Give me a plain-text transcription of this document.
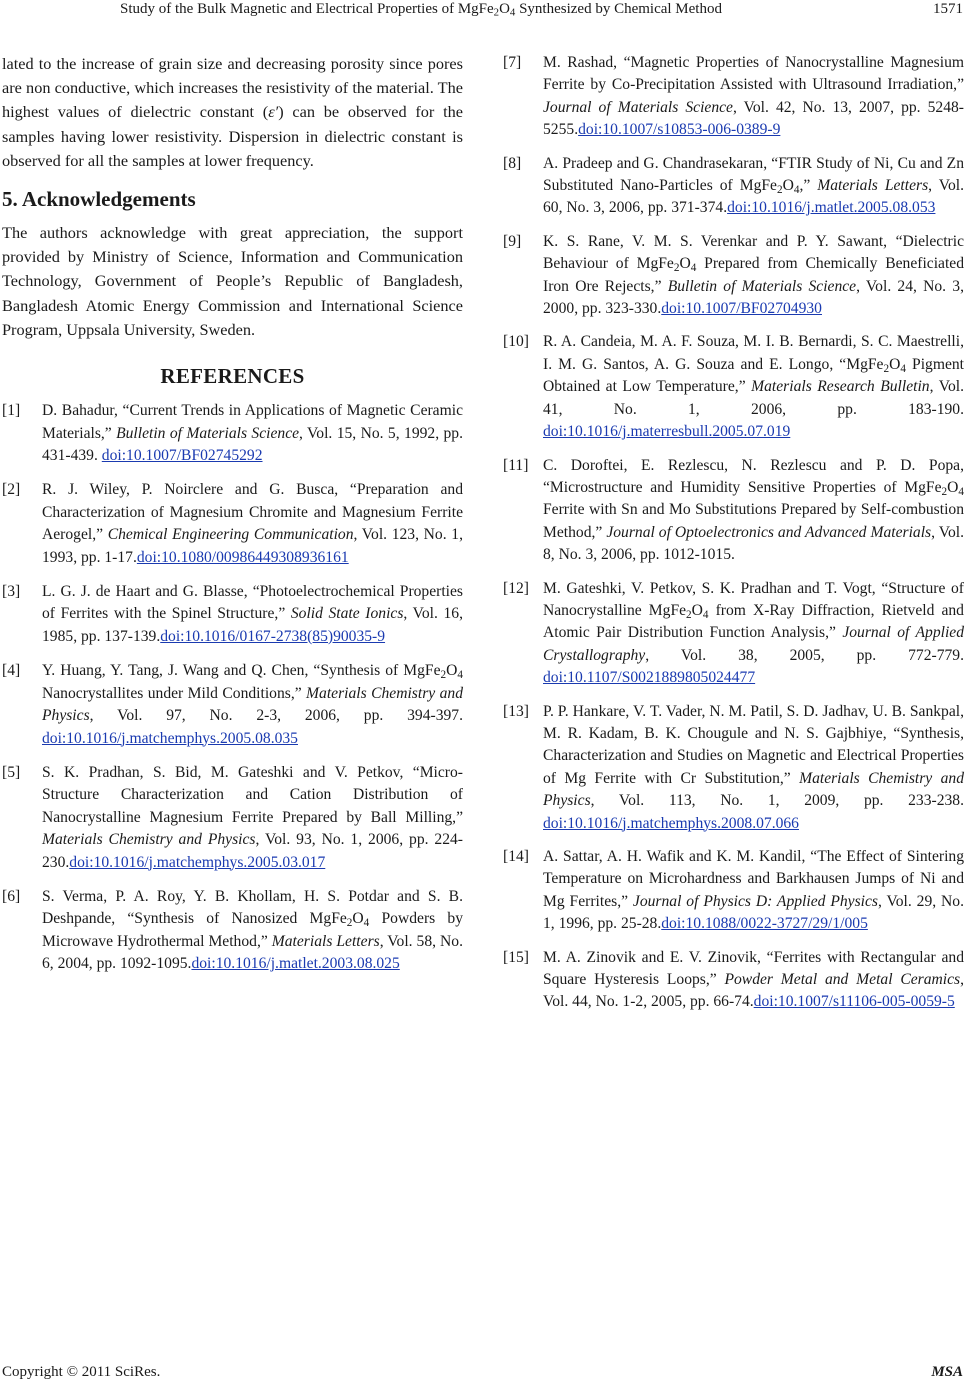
Study of the Bulk Magnetic and Electrical Properties of $MgFe_2O_4$ Synthesized by Chemical Method	1571

lated to the increase of grain size and decreasing porosity since pores are non conductive, which increases the resistivity of the material. The highest values of dielectric constant (ε′) can be observed for the samples having lower resistivity. Dispersion in dielectric constant is observed for all the samples at lower frequency.

5. Acknowledgements

The authors acknowledge with great appreciation, the support provided by Ministry of Science, Information and Communication Technology, Government of People’s Republic of Bangladesh, Bangladesh Atomic Energy Commission and International Science Program, Uppsala University, Sweden.

REFERENCES
[1] D. Bahadur, “Current Trends in Applications of Magnetic Ceramic Materials,” Bulletin of Materials Science, Vol. 15, No. 5, 1992, pp. 431-439. doi:10.1007/BF02745292
[2] R. J. Wiley, P. Noirclere and G. Busca, “Preparation and Characterization of Magnesium Chromite and Magnesium Ferrite Aerogel,” Chemical Engineering Communication, Vol. 123, No. 1, 1993, pp. 1-17.doi:10.1080/00986449308936161
[3] L. G. J. de Haart and G. Blasse, “Photoelectrochemical Properties of Ferrites with the Spinel Structure,” Solid State Ionics, Vol. 16, 1985, pp. 137-139.doi:10.1016/0167-2738(85)90035-9
[4] Y. Huang, Y. Tang, J. Wang and Q. Chen, “Synthesis of $MgFe_2O_4$ Nanocrystallites under Mild Conditions,” Materials Chemistry and Physics, Vol. 97, No. 2-3, 2006, pp. 394-397. doi:10.1016/j.matchemphys.2005.08.035
[5] S. K. Pradhan, S. Bid, M. Gateshki and V. Petkov, “Micro-Structure Characterization and Cation Distribution of Nanocrystalline Magnesium Ferrite Prepared by Ball Milling,” Materials Chemistry and Physics, Vol. 93, No. 1, 2006, pp. 224-230.doi:10.1016/j.matchemphys.2005.03.017
[6] S. Verma, P. A. Roy, Y. B. Khollam, H. S. Potdar and S. B. Deshpande, “Synthesis of Nanosized $MgFe_2O_4$ Powders by Microwave Hydrothermal Method,” Materials Letters, Vol. 58, No. 6, 2004, pp. 1092-1095.doi:10.1016/j.matlet.2003.08.025
[7] M. Rashad, “Magnetic Properties of Nanocrystalline Magnesium Ferrite by Co-Precipitation Assisted with Ultrasound Irradiation,” Journal of Materials Science, Vol. 42, No. 13, 2007, pp. 5248-5255.doi:10.1007/s10853-006-0389-9
[8] A. Pradeep and G. Chandrasekaran, “FTIR Study of Ni, Cu and Zn Substituted Nano-Particles of $MgFe_2O_4$,” Materials Letters, Vol. 60, No. 3, 2006, pp. 371-374.doi:10.1016/j.matlet.2005.08.053
[9] K. S. Rane, V. M. S. Verenkar and P. Y. Sawant, “Dielectric Behaviour of $MgFe_2O_4$ Prepared from Chemically Beneficiated Iron Ore Rejects,” Bulletin of Materials Science, Vol. 24, No. 3, 2000, pp. 323-330.doi:10.1007/BF02704930
[10] R. A. Candeia, M. A. F. Souza, M. I. B. Bernardi, S. C. Maestrelli, I. M. G. Santos, A. G. Souza and E. Longo, “$MgFe_2O_4$ Pigment Obtained at Low Temperature,” Materials Research Bulletin, Vol. 41, No. 1, 2006, pp. 183-190. doi:10.1016/j.materresbull.2005.07.019
[11] C. Doroftei, E. Rezlescu, N. Rezlescu and P. D. Popa, “Microstructure and Humidity Sensitive Properties of $MgFe_2O_4$ Ferrite with Sn and Mo Substitutions Prepared by Self-combustion Method,” Journal of Optoelectronics and Advanced Materials, Vol. 8, No. 3, 2006, pp. 1012-1015.
[12] M. Gateshki, V. Petkov, S. K. Pradhan and T. Vogt, “Structure of Nanocrystalline $MgFe_2O_4$ from X-Ray Diffraction, Rietveld and Atomic Pair Distribution Function Analysis,” Journal of Applied Crystallography, Vol. 38, 2005, pp. 772-779. doi:10.1107/S0021889805024477
[13] P. P. Hankare, V. T. Vader, N. M. Patil, S. D. Jadhav, U. B. Sankpal, M. R. Kadam, B. K. Chougule and N. S. Gajbhiye, “Synthesis, Characterization and Studies on Magnetic and Electrical Properties of Mg Ferrite with Cr Substitution,” Materials Chemistry and Physics, Vol. 113, No. 1, 2009, pp. 233-238.doi:10.1016/j.matchemphys.2008.07.066
[14] A. Sattar, A. H. Wafik and K. M. Kandil, “The Effect of Sintering Temperature on Microhardness and Barkhausen Jumps of Ni and Mg Ferrites,” Journal of Physics D: Applied Physics, Vol. 29, No. 1, 1996, pp. 25-28.doi:10.1088/0022-3727/29/1/005
[15] M. A. Zinovik and E. V. Zinovik, “Ferrites with Rectangular and Square Hysteresis Loops,” Powder Metal and Metal Ceramics, Vol. 44, No. 1-2, 2005, pp. 66-74.doi:10.1007/s11106-005-0059-5
Copyright © 2011 SciRes.	MSA
